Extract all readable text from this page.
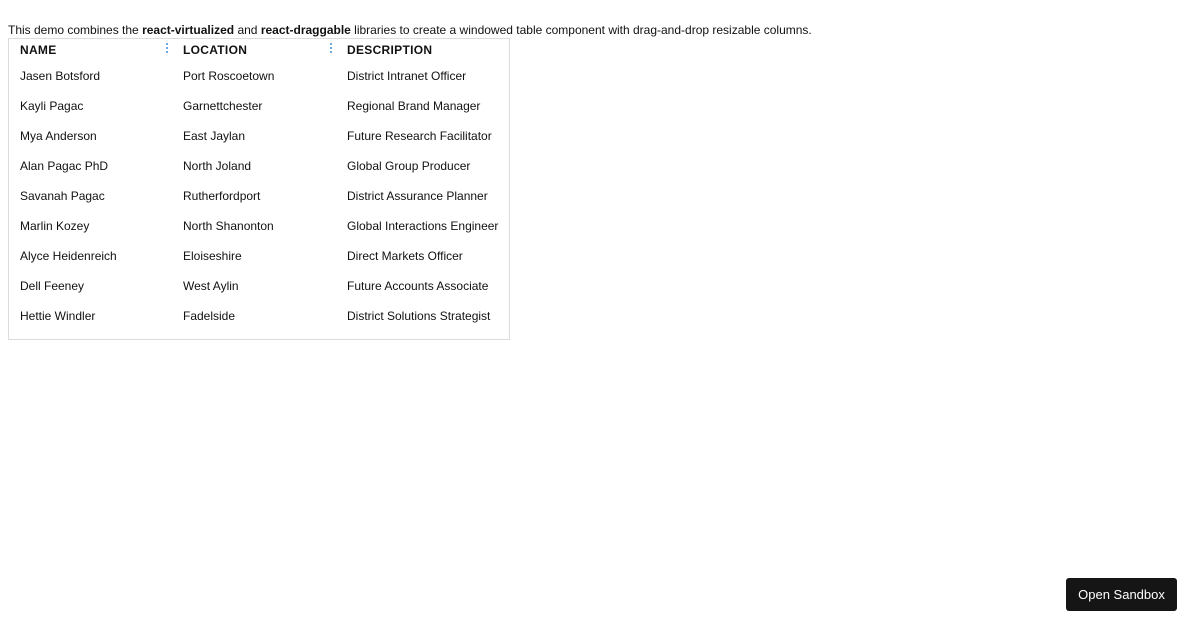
This demo combines the react-virtualized and react-draggable libraries to create a windowed table component with drag-and-drop resizable columns.

NAME	LOCATION	DESCRIPTION
Jasen Botsford	Port Roscoetown	District Intranet Officer
Kayli Pagac	Garnettchester	Regional Brand Manager
Mya Anderson	East Jaylan	Future Research Facilitator
Alan Pagac PhD	North Joland	Global Group Producer
Savanah Pagac	Rutherfordport	District Assurance Planner
Marlin Kozey	North Shanonton	Global Interactions Engineer
Alyce Heidenreich	Eloiseshire	Direct Markets Officer
Dell Feeney	West Aylin	Future Accounts Associate
Hettie Windler	Fadelside	District Solutions Strategist
Open Sandbox
